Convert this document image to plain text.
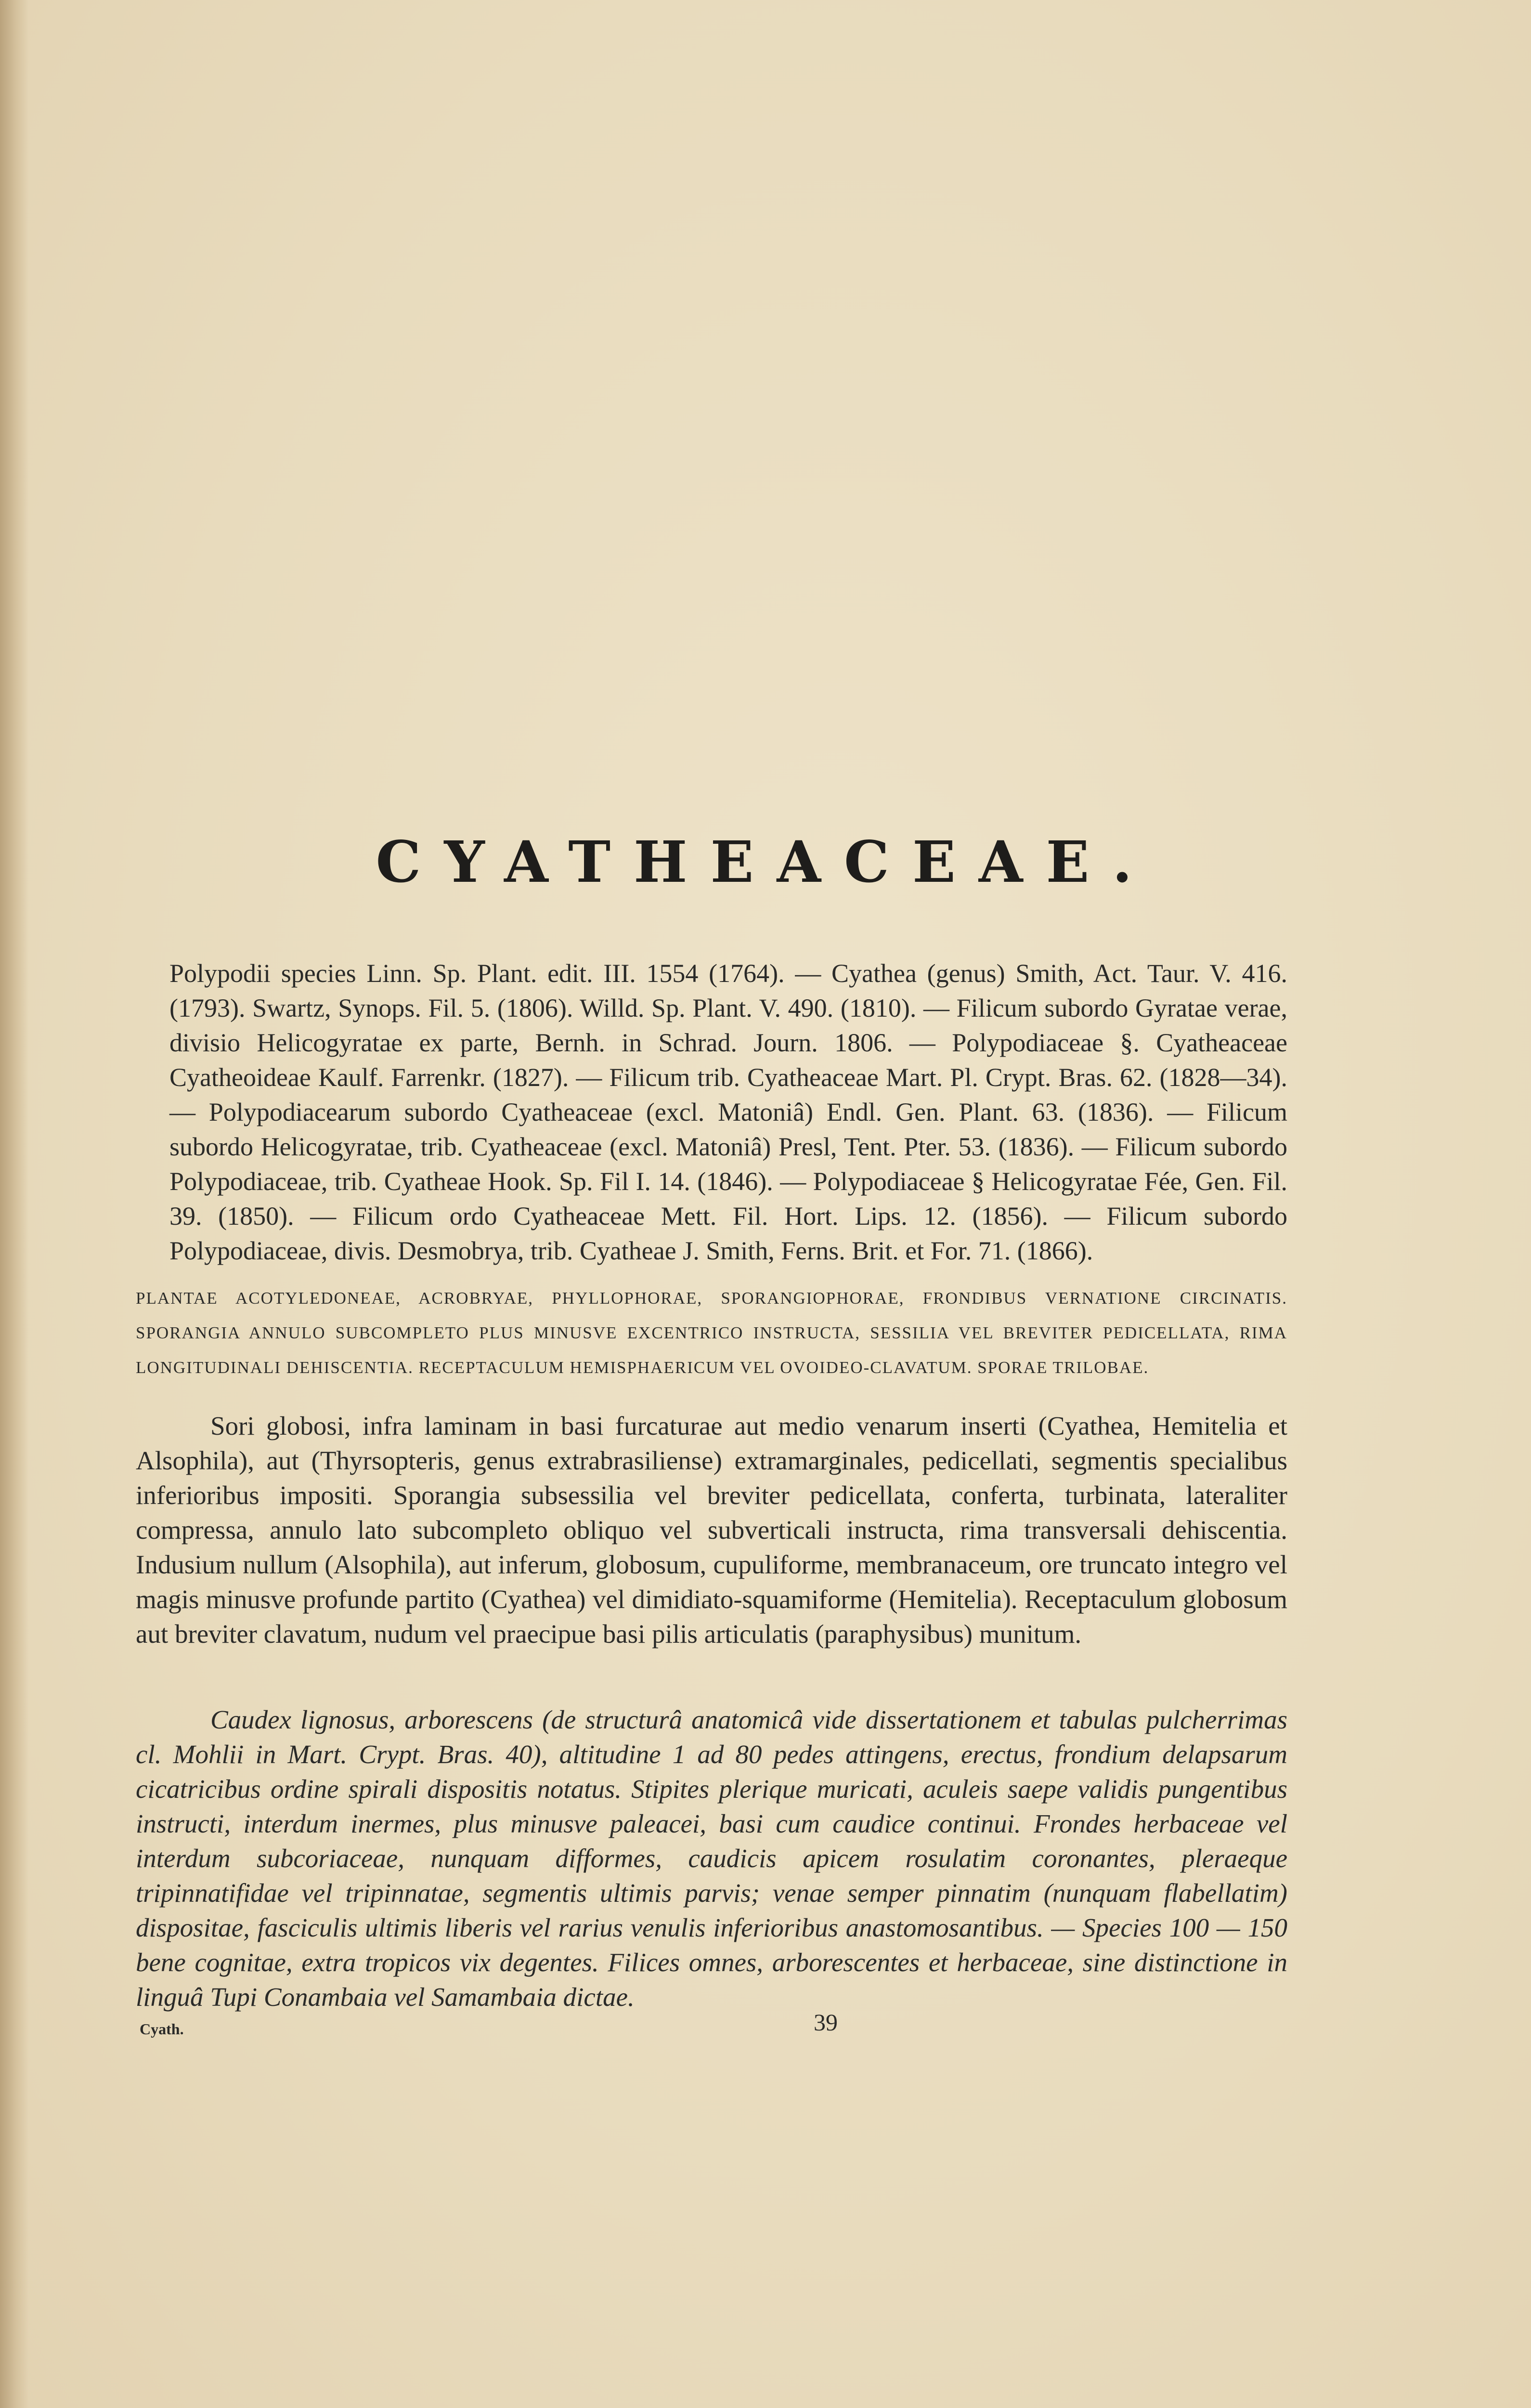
CYATHEACEAE.
Polypodii species Linn. Sp. Plant. edit. III. 1554 (1764). — Cyathea (genus) Smith, Act. Taur. V. 416. (1793). Swartz, Synops. Fil. 5. (1806). Willd. Sp. Plant. V. 490. (1810). — Filicum subordo Gyratae verae, divisio Helicogyratae ex parte, Bernh. in Schrad. Journ. 1806. — Polypodiaceae §. Cyatheaceae Cyatheoideae Kaulf. Farrenkr. (1827). — Filicum trib. Cyatheaceae Mart. Pl. Crypt. Bras. 62. (1828—34). — Polypodiacearum subordo Cyatheaceae (excl. Matoniâ) Endl. Gen. Plant. 63. (1836). — Filicum subordo Helicogyratae, trib. Cyatheaceae (excl. Matoniâ) Presl, Tent. Pter. 53. (1836). — Filicum subordo Polypodiaceae, trib. Cyatheae Hook. Sp. Fil I. 14. (1846). — Polypodiaceae § Helicogyratae Fée, Gen. Fil. 39. (1850). — Filicum ordo Cyatheaceae Mett. Fil. Hort. Lips. 12. (1856). — Filicum subordo Polypodiaceae, divis. Desmobrya, trib. Cyatheae J. Smith, Ferns. Brit. et For. 71. (1866).
PLANTAE ACOTYLEDONEAE, ACROBRYAE, PHYLLOPHORAE, SPORANGIOPHORAE, FRONDIBUS VERNATIONE CIRCINATIS. SPORANGIA ANNULO SUBCOMPLETO PLUS MINUSVE EXCENTRICO INSTRUCTA, SESSILIA VEL BREVITER PEDICELLATA, RIMA LONGITUDINALI DEHISCENTIA. RECEPTACULUM HEMISPHAERICUM VEL OVOIDEO-CLAVATUM. SPORAE TRILOBAE.
Sori globosi, infra laminam in basi furcaturae aut medio venarum inserti (Cyathea, Hemitelia et Alsophila), aut (Thyrsopteris, genus extrabrasiliense) extramarginales, pedicellati, segmentis specialibus inferioribus impositi. Sporangia subsessilia vel breviter pedicellata, conferta, turbinata, lateraliter compressa, annulo lato subcompleto obliquo vel subverticali instructa, rima transversali dehiscentia. Indusium nullum (Alsophila), aut inferum, globosum, cupuliforme, membranaceum, ore truncato integro vel magis minusve profunde partito (Cyathea) vel dimidiato-squamiforme (Hemitelia). Receptaculum globosum aut breviter clavatum, nudum vel praecipue basi pilis articulatis (paraphysibus) munitum.
Caudex lignosus, arborescens (de structurâ anatomicâ vide dissertationem et tabulas pulcherrimas cl. Mohlii in Mart. Crypt. Bras. 40), altitudine 1 ad 80 pedes attingens, erectus, frondium delapsarum cicatricibus ordine spirali dispositis notatus. Stipites plerique muricati, aculeis saepe validis pungentibus instructi, interdum inermes, plus minusve paleacei, basi cum caudice continui. Frondes herbaceae vel interdum subcoriaceae, nunquam difformes, caudicis apicem rosulatim coronantes, pleraeque tripinnatifidae vel tripinnatae, segmentis ultimis parvis; venae semper pinnatim (nunquam flabellatim) dispositae, fasciculis ultimis liberis vel rarius venulis inferioribus anastomosantibus. — Species 100 — 150 bene cognitae, extra tropicos vix degentes. Filices omnes, arborescentes et herbaceae, sine distinctione in linguâ Tupi Conambaia vel Samambaia dictae.
Cyath.	39
